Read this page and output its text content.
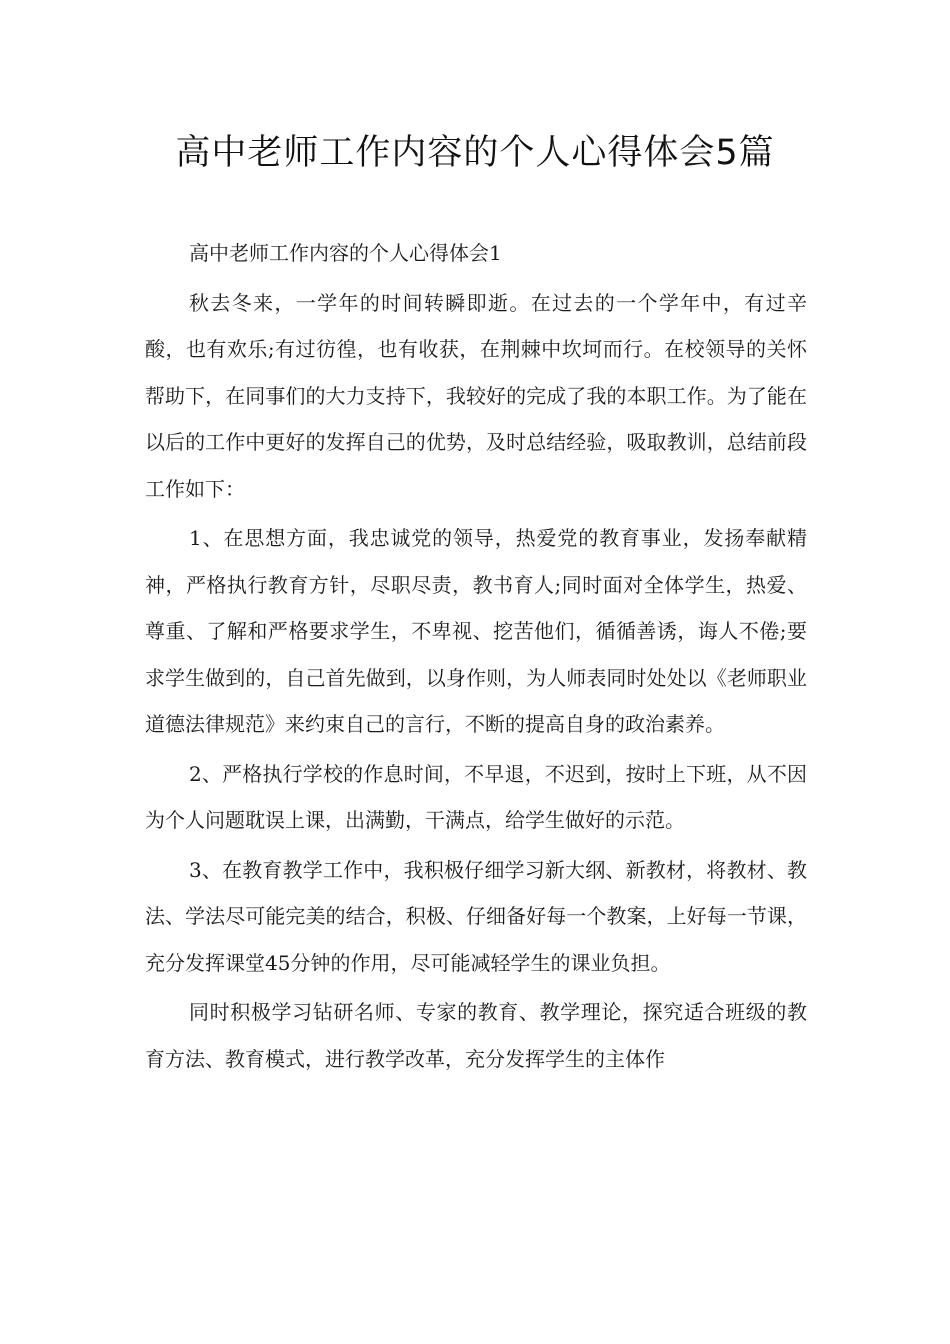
高中老师工作内容的个人心得体会5篇

高中老师工作内容的个人心得体会1

秋去冬来，一学年的时间转瞬即逝。在过去的一个学年中，有过辛酸，也有欢乐;有过彷徨，也有收获，在荆棘中坎坷而行。在校领导的关怀帮助下，在同事们的大力支持下，我较好的完成了我的本职工作。为了能在以后的工作中更好的发挥自己的优势，及时总结经验，吸取教训，总结前段工作如下：

1、在思想方面，我忠诚党的领导，热爱党的教育事业，发扬奉献精神，严格执行教育方针，尽职尽责，教书育人;同时面对全体学生，热爱、尊重、了解和严格要求学生，不卑视、挖苦他们，循循善诱，诲人不倦;要求学生做到的，自己首先做到，以身作则，为人师表同时处处以《老师职业道德法律规范》来约束自己的言行，不断的提高自身的政治素养。

2、严格执行学校的作息时间，不早退，不迟到，按时上下班，从不因为个人问题耽误上课，出满勤，干满点，给学生做好的示范。

3、在教育教学工作中，我积极仔细学习新大纲、新教材，将教材、教法、学法尽可能完美的结合，积极、仔细备好每一个教案，上好每一节课，充分发挥课堂45分钟的作用，尽可能减轻学生的课业负担。

同时积极学习钻研名师、专家的教育、教学理论，探究适合班级的教育方法、教育模式，进行教学改革，充分发挥学生的主体作
